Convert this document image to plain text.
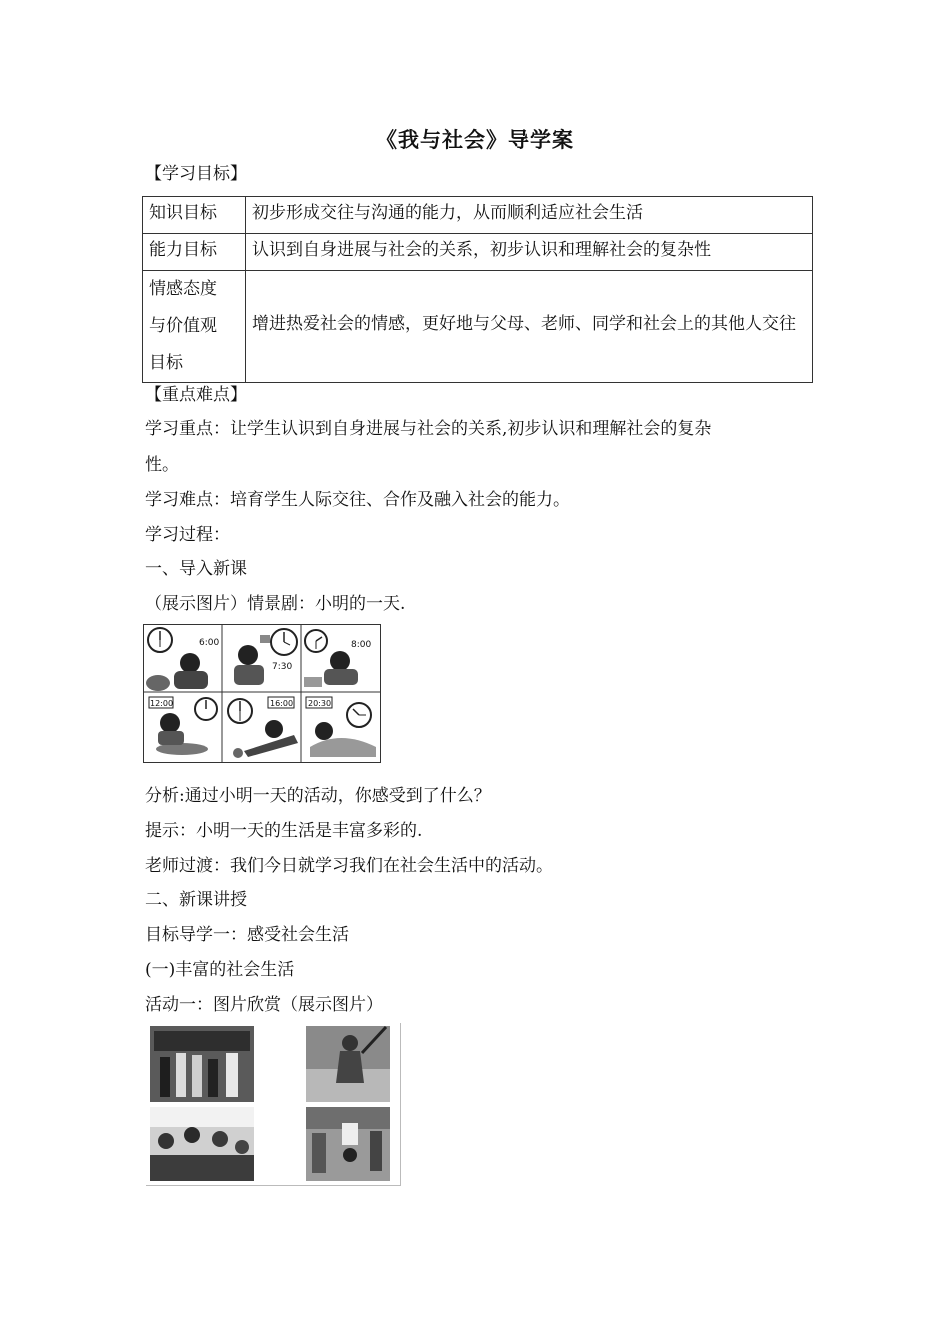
《我与社会》导学案
【学习目标】
知识目标	初步形成交往与沟通的能力，从而顺利适应社会生活
能力目标	认识到自身进展与社会的关系，初步认识和理解社会的复杂性

情感态度
与价值观
目标	增进热爱社会的情感，更好地与父母、老师、同学和社会上的其他人交往
【重点难点】
学习重点：让学生认识到自身进展与社会的关系,初步认识和理解社会的复杂
性。
学习难点：培育学生人际交往、合作及融入社会的能力。
学习过程：
一、导入新课
（展示图片）情景剧：小明的一天.
6:00
7:30
8:00
12:00	16:00 20:30
分析:通过小明一天的活动，你感受到了什么？
提示：小明一天的生活是丰富多彩的.
老师过渡：我们今日就学习我们在社会生活中的活动。
二、新课讲授
目标导学一：感受社会生活
(一)丰富的社会生活
活动一：图片欣赏（展示图片）
